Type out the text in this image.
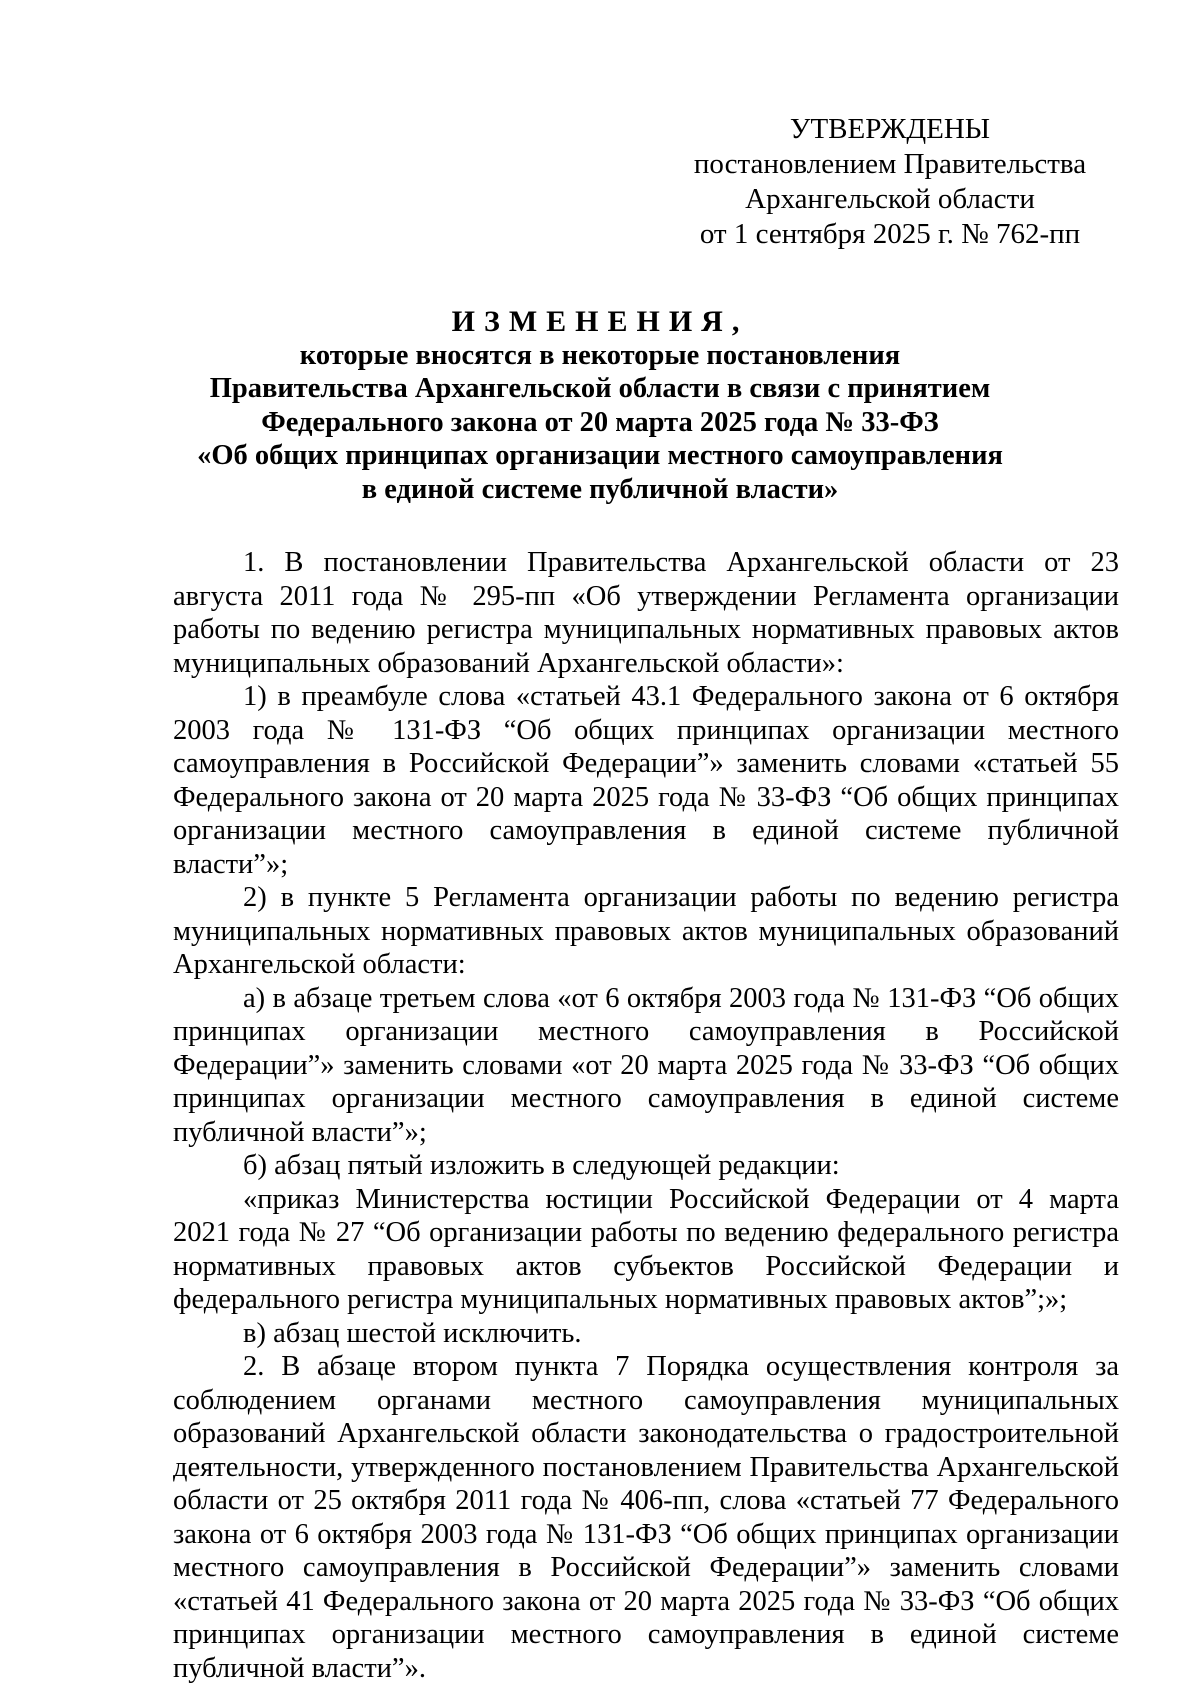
УТВЕРЖДЕНЫ
постановлением Правительства
Архангельской области
от 1 сентября 2025 г. № 762-пп
ИЗМЕНЕНИЯ,
которые вносятся в некоторые постановления
Правительства Архангельской области в связи с принятием
Федерального закона от 20 марта 2025 года № 33-ФЗ
«Об общих принципах организации местного самоуправления
в единой системе публичной власти»

1. В постановлении Правительства Архангельской области от 23 августа 2011 года № 295-пп «Об утверждении Регламента организации работы по ведению регистра муниципальных нормативных правовых актов муниципальных образований Архангельской области»:

1) в преамбуле слова «статьей 43.1 Федерального закона от 6 октября 2003 года № 131-ФЗ “Об общих принципах организации местного самоуправления в Российской Федерации”» заменить словами «статьей 55 Федерального закона от 20 марта 2025 года № 33-ФЗ “Об общих принципах организации местного самоуправления в единой системе публичной власти”»;

2) в пункте 5 Регламента организации работы по ведению регистра муниципальных нормативных правовых актов муниципальных образований Архангельской области:

а) в абзаце третьем слова «от 6 октября 2003 года № 131-ФЗ “Об общих принципах организации местного самоуправления в Российской Федерации”» заменить словами «от 20 марта 2025 года № 33-ФЗ “Об общих принципах организации местного самоуправления в единой системе публичной власти”»;

б) абзац пятый изложить в следующей редакции:

«приказ Министерства юстиции Российской Федерации от 4 марта 2021 года № 27 “Об организации работы по ведению федерального регистра нормативных правовых актов субъектов Российской Федерации и федерального регистра муниципальных нормативных правовых актов”;»;

в) абзац шестой исключить.

2. В абзаце втором пункта 7 Порядка осуществления контроля за соблюдением органами местного самоуправления муниципальных образований Архангельской области законодательства о градостроительной деятельности, утвержденного постановлением Правительства Архангельской области от 25 октября 2011 года № 406-пп, слова «статьей 77 Федерального закона от 6 октября 2003 года № 131-ФЗ “Об общих принципах организации местного самоуправления в Российской Федерации”» заменить словами «статьей 41 Федерального закона от 20 марта 2025 года № 33-ФЗ “Об общих принципах организации местного самоуправления в единой системе публичной власти”».
